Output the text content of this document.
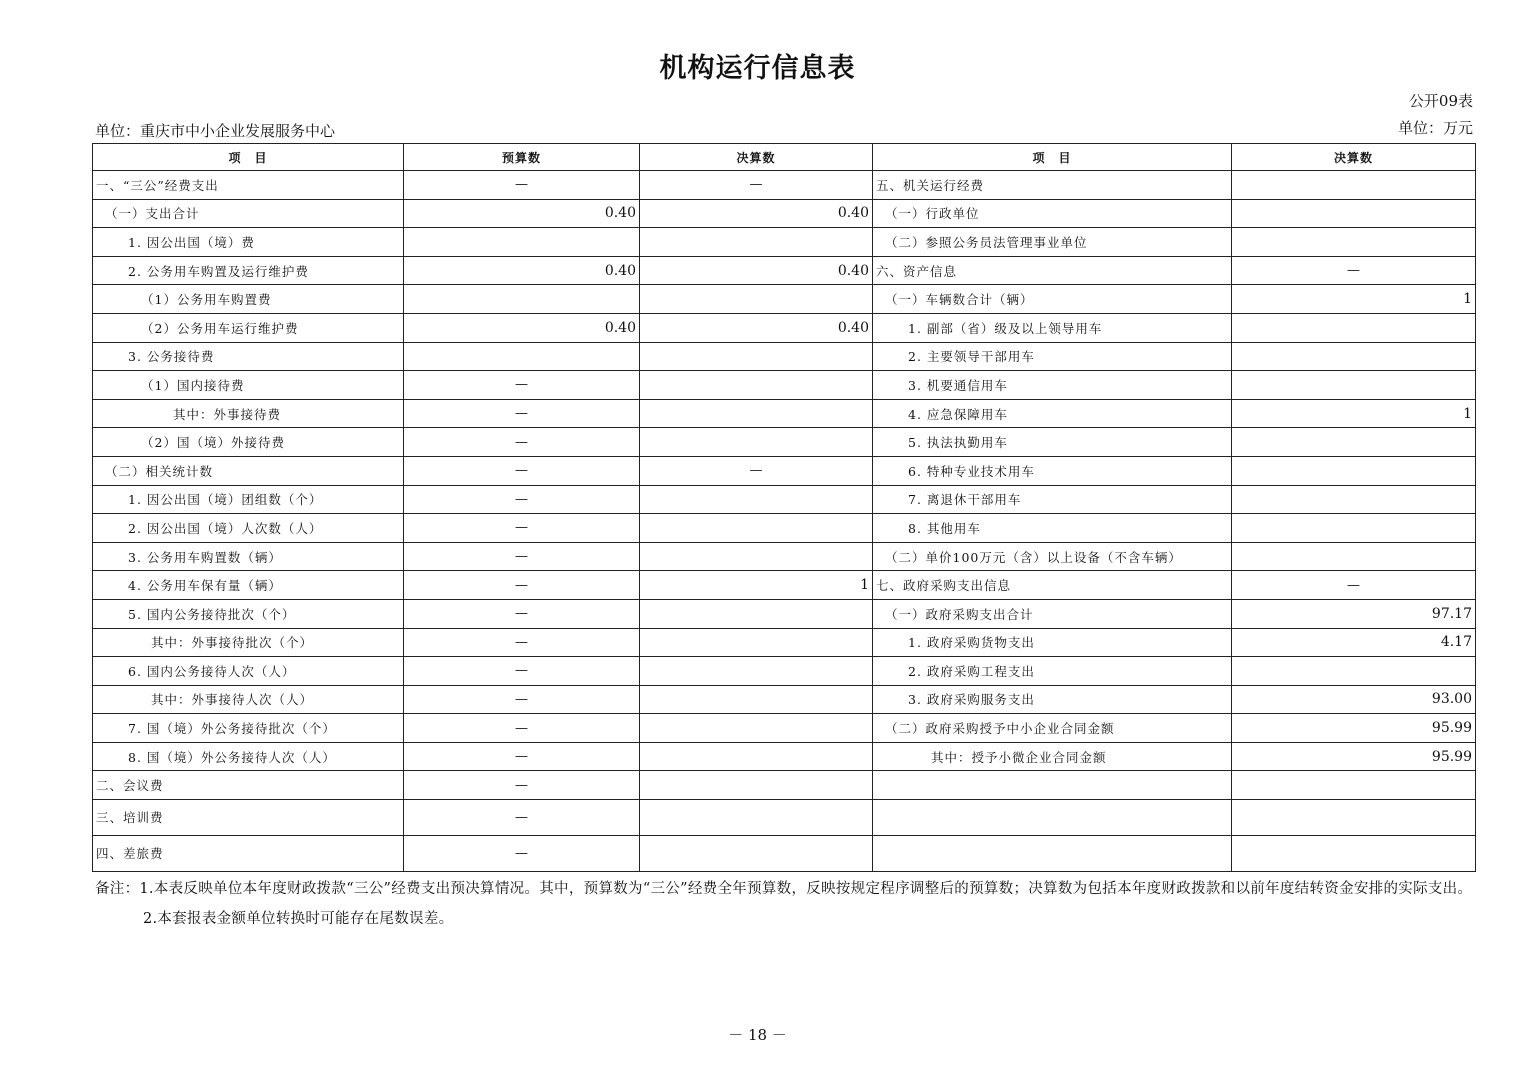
机构运行信息表
公开09表
单位：重庆市中小企业发展服务中心	单位：万元
项　目	预算数	决算数	项　目	决算数
一、“三公”经费支出	—	—	五、机关运行经费	
（一）支出合计	0.40	0.40	（一）行政单位	
1. 因公出国（境）费			（二）参照公务员法管理事业单位	
2. 公务用车购置及运行维护费	0.40	0.40	六、资产信息	—
（1）公务用车购置费			（一）车辆数合计（辆）	1
（2）公务用车运行维护费	0.40	0.40	1. 副部（省）级及以上领导用车	
3. 公务接待费			2. 主要领导干部用车	
（1）国内接待费	—		3. 机要通信用车	
其中：外事接待费	—		4. 应急保障用车	1
（2）国（境）外接待费	—		5. 执法执勤用车	
（二）相关统计数	—	—	6. 特种专业技术用车	
1. 因公出国（境）团组数（个）	—		7. 离退休干部用车	
2. 因公出国（境）人次数（人）	—		8. 其他用车	
3. 公务用车购置数（辆）	—		（二）单价100万元（含）以上设备（不含车辆）	
4. 公务用车保有量（辆）	—	1	七、政府采购支出信息	—
5. 国内公务接待批次（个）	—		（一）政府采购支出合计	97.17
其中：外事接待批次（个）	—		1. 政府采购货物支出	4.17
6. 国内公务接待人次（人）	—		2. 政府采购工程支出	
其中：外事接待人次（人）	—		3. 政府采购服务支出	93.00
7. 国（境）外公务接待批次（个）	—		（二）政府采购授予中小企业合同金额	95.99
8. 国（境）外公务接待人次（人）	—		其中：授予小微企业合同金额	95.99
二、会议费	—			
三、培训费	—			
四、差旅费	—			

备注：1.本表反映单位本年度财政拨款“三公”经费支出预决算情况。其中，预算数为“三公”经费全年预算数，反映按规定程序调整后的预算数；决算数为包括本年度财政拨款和以前年度结转资金安排的实际支出。

2.本套报表金额单位转换时可能存在尾数误差。

－ 18 －
